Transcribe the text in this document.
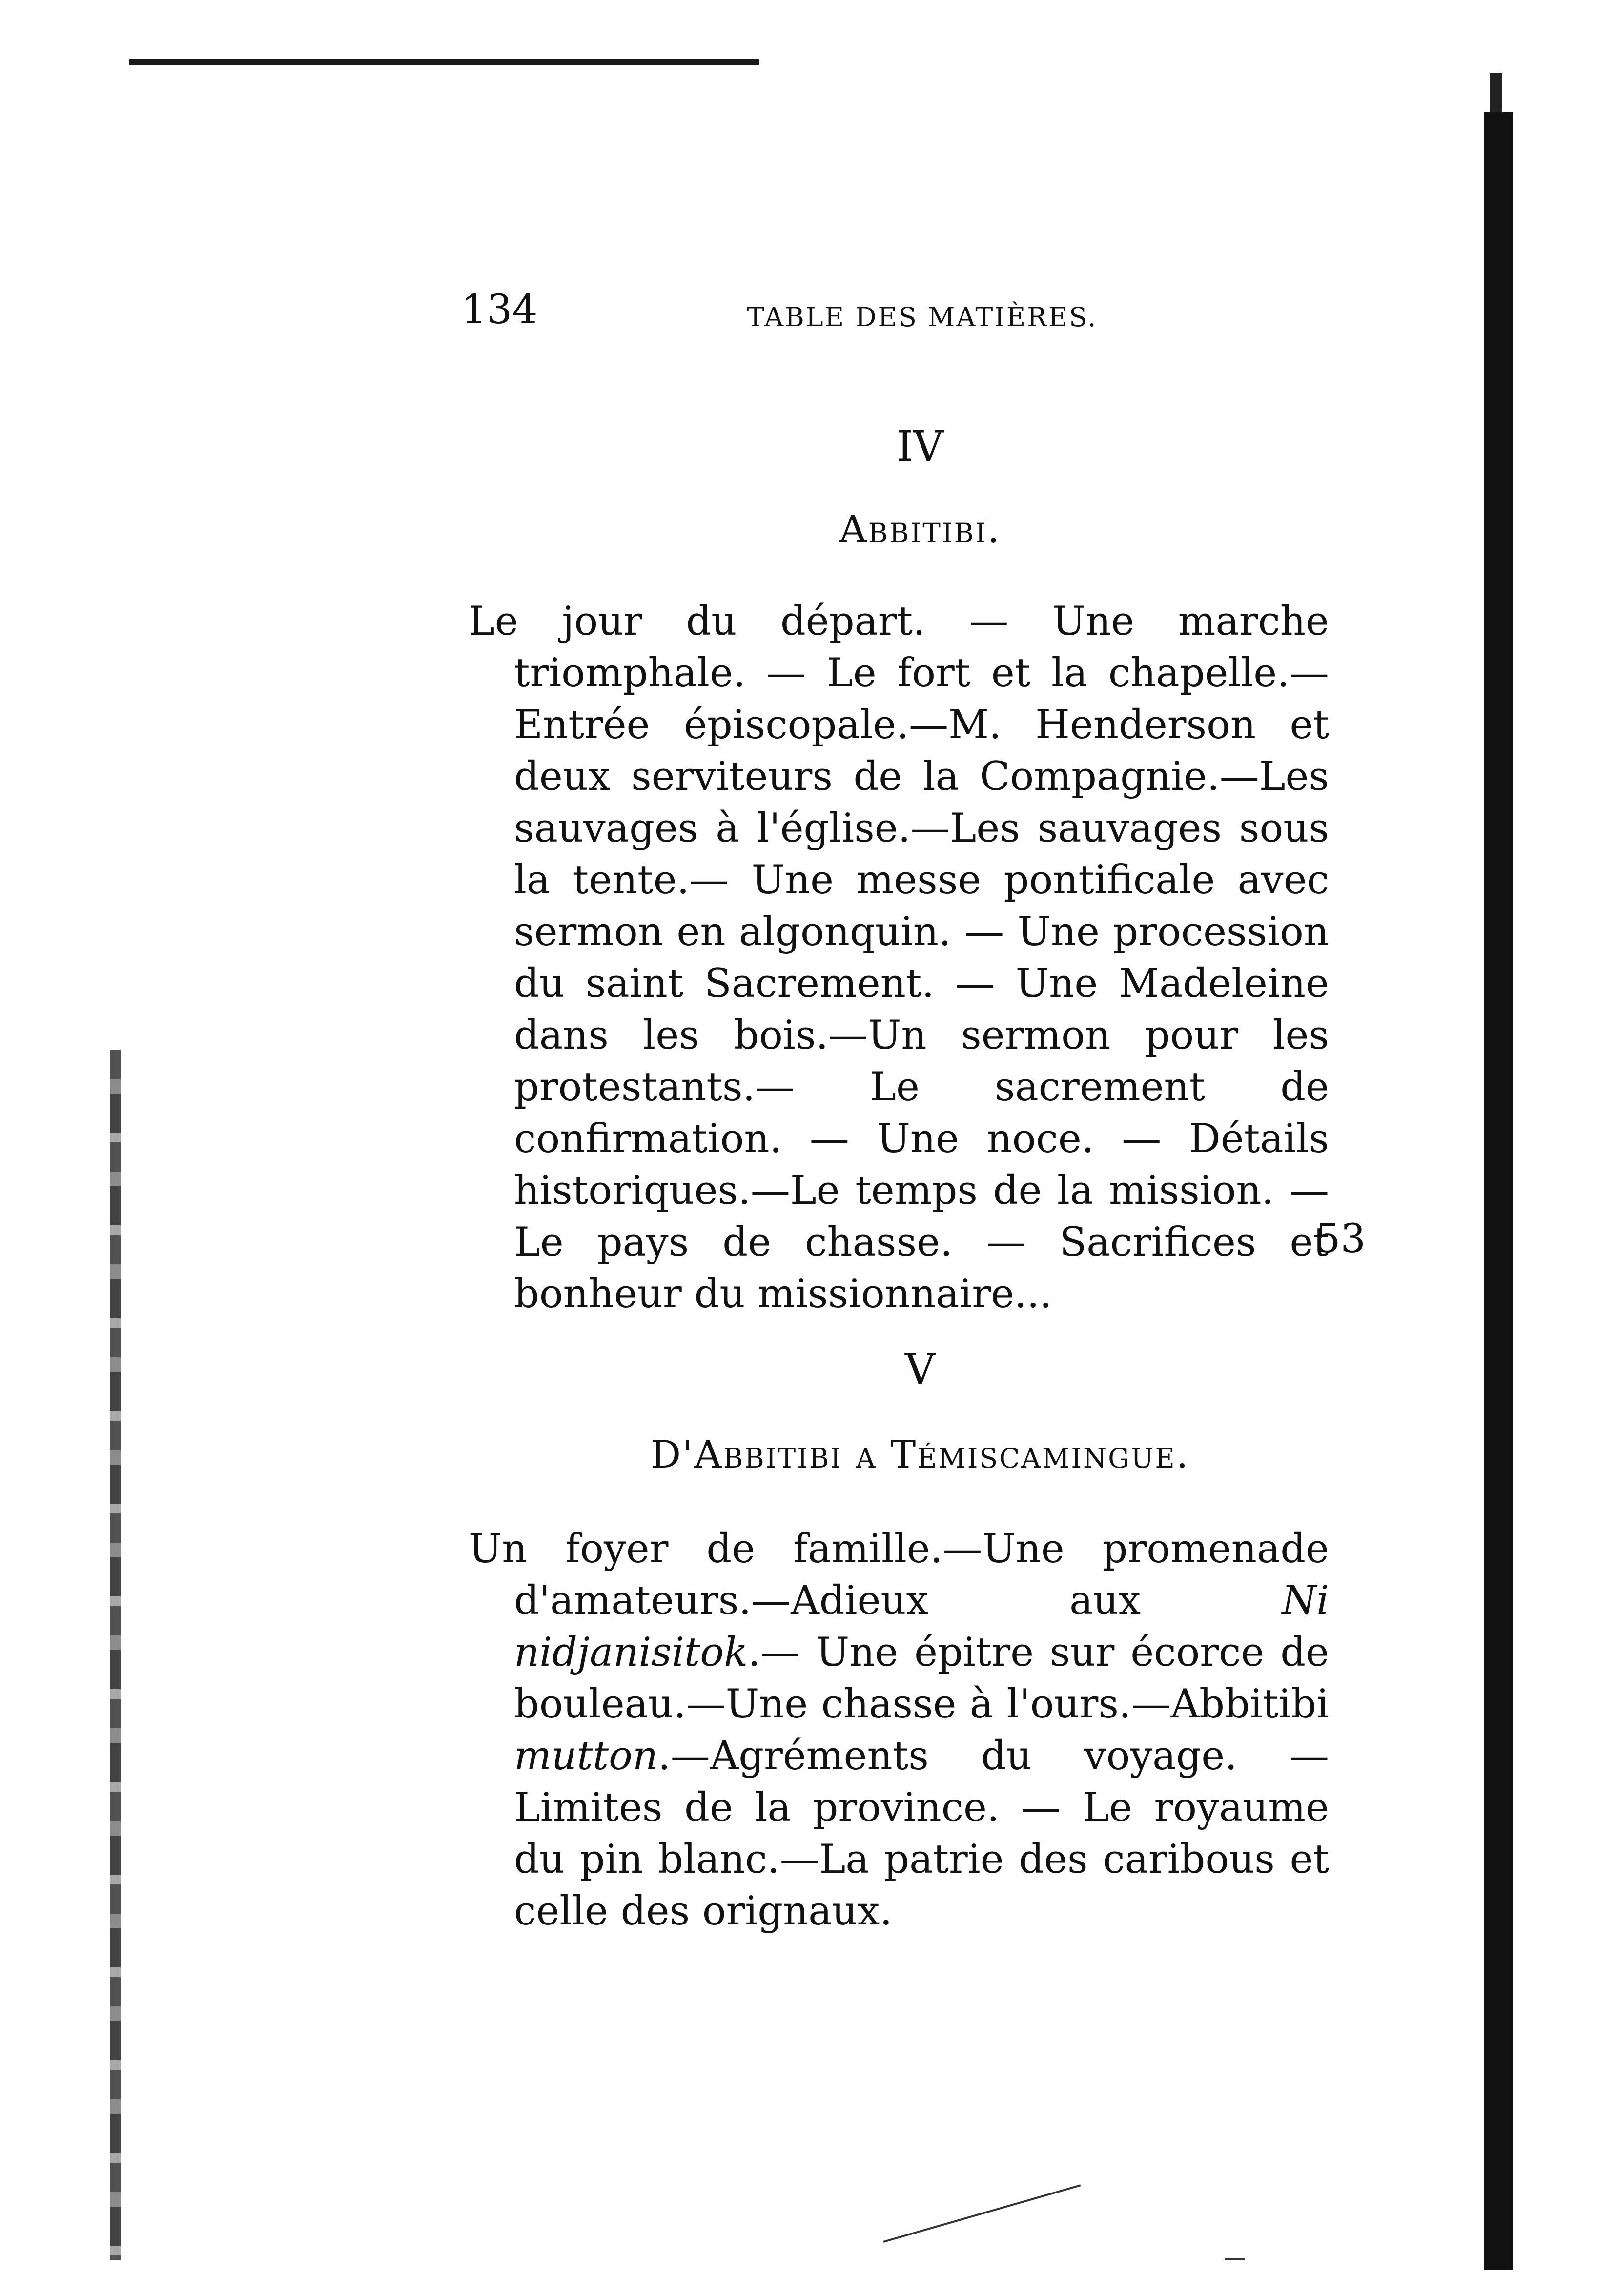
134	TABLE DES MATIÈRES.
IV
Abbitibi.

Le jour du départ. — Une marche triomphale. — Le fort et la chapelle.—Entrée épiscopale.—M. Henderson et deux serviteurs de la Compagnie.—Les sauvages à l'église.—Les sauvages sous la tente.— Une messe pontificale avec sermon en algonquin. — Une procession du saint Sacrement. — Une Madeleine dans les bois.—Un sermon pour les protestants.— Le sacrement de confirmation. — Une noce. — Détails historiques.—Le temps de la mission. — Le pays de chasse. — Sacrifices et bonheur du missionnaire...

53
V
D'Abbitibi a Témiscamingue.

Un foyer de famille.—Une promenade d'amateurs.—Adieux aux Ni nidjanisitok.— Une épitre sur écorce de bouleau.—Une chasse à l'ours.—Abbitibi mutton.—Agréments du voyage. — Limites de la province. — Le royaume du pin blanc.—La patrie des caribous et celle des orignaux.
